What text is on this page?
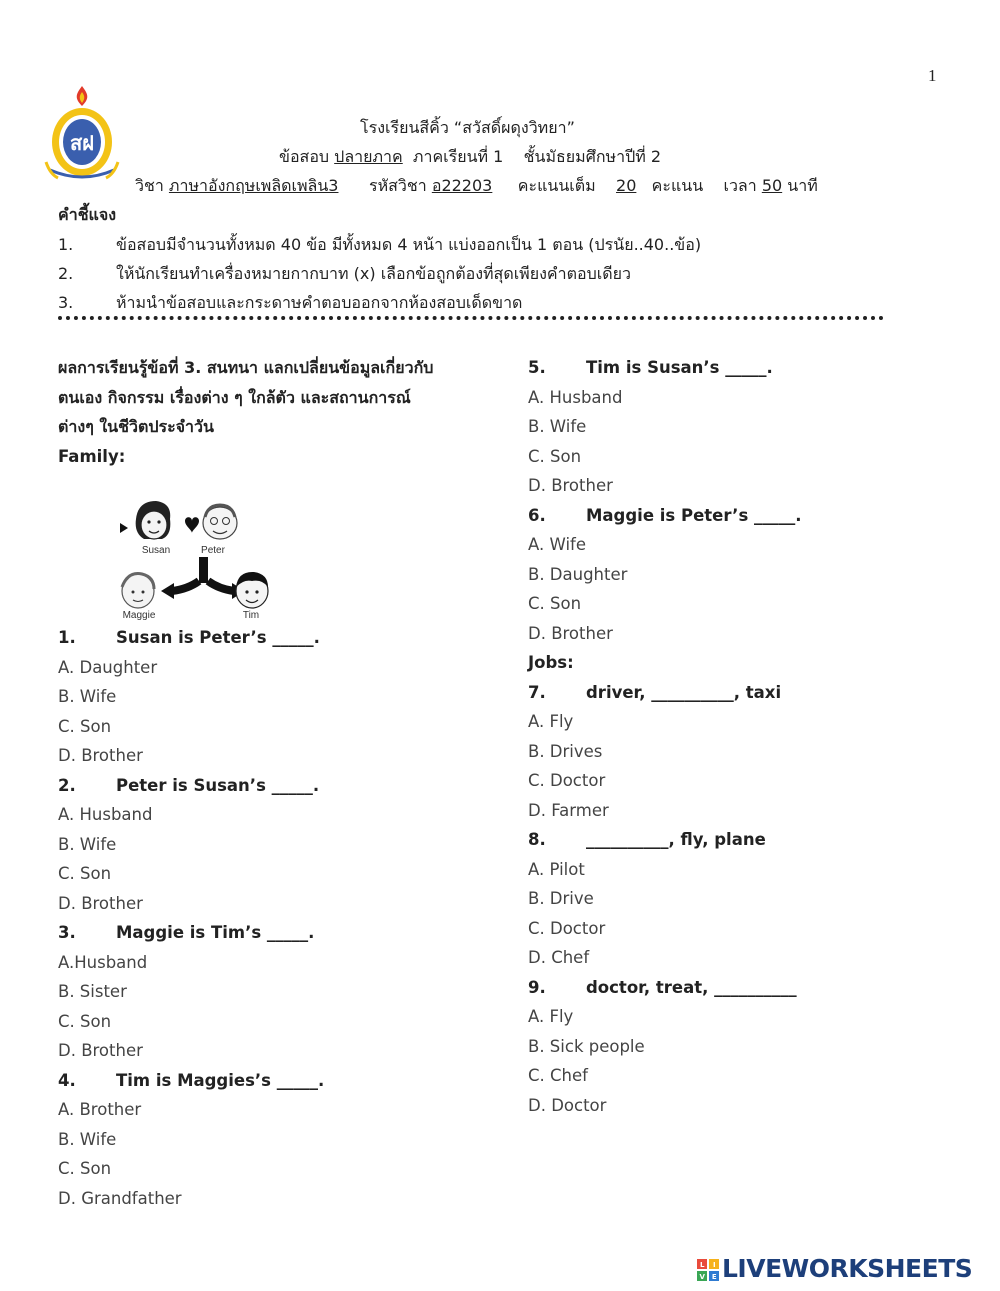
1
สฝ
โรงเรียนสีคิ้ว “สวัสดิ์ผดุงวิทยา”
ข้อสอบ ปลายภาค ภาคเรียนที่ 1 ชั้นมัธยมศึกษาปีที่ 2
วิชา ภาษาอังกฤษเพลิดเพลิน3 รหัสวิชา อ22203 คะแนนเต็ม 20 คะแนน เวลา 50 นาที
คำชี้แจง
1.	ข้อสอบมีจำนวนทั้งหมด 40 ข้อ มีทั้งหมด 4 หน้า แบ่งออกเป็น 1 ตอน (ปรนัย..40..ข้อ)
2.	ให้นักเรียนทำเครื่องหมายกากบาท (x) เลือกข้อถูกต้องที่สุดเพียงคำตอบเดียว
3.	ห้ามนำข้อสอบและกระดาษคำตอบออกจากห้องสอบเด็ดขาด
ผลการเรียนรู้ข้อที่ 3. สนทนา แลกเปลี่ยนข้อมูลเกี่ยวกับ
ตนเอง กิจกรรม เรื่องต่าง ๆ ใกล้ตัว และสถานการณ์
ต่างๆ ในชีวิตประจำวัน
Family:
Susan	Peter
Maggie	Tim
1. Susan is Peter’s _____.
A. Daughter
B. Wife
C. Son
D. Brother
2. Peter is Susan’s _____.
A. Husband
B. Wife
C. Son
D. Brother
3. Maggie is Tim’s _____.
A.Husband
B. Sister
C. Son
D. Brother
4. Tim is Maggies’s _____.
A. Brother
B. Wife
C. Son
D. Grandfather
5. Tim is Susan’s _____.
A. Husband
B. Wife
C. Son
D. Brother
6. Maggie is Peter’s _____.
A. Wife
B. Daughter
C. Son
D. Brother
Jobs:
7. driver, __________, taxi
A. Fly
B. Drives
C. Doctor
D. Farmer
8. __________, fly, plane
A. Pilot
B. Drive
C. Doctor
D. Chef
9. doctor, treat, __________
A. Fly
B. Sick people
C. Chef
D. Doctor
L I
V E LIVEWORKSHEETS
